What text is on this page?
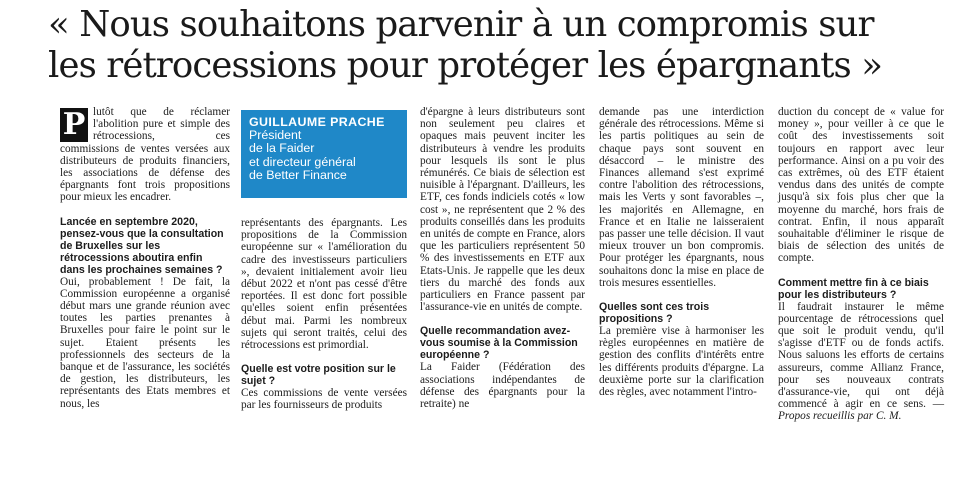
« Nous souhaitons parvenir à un compromis sur
les rétrocessions pour protéger les épargnants »
P lutôt que de réclamer l'abolition pure et simple des rétrocessions, ces commissions de ventes versées aux distributeurs de produits financiers, les associations de défense des épargnants font trois propositions pour mieux les encadrer.

Lancée en septembre 2020, pensez-vous que la consultation de Bruxelles sur les rétrocessions aboutira enfin dans les prochaines semaines ?

Oui, probablement ! De fait, la Commission européenne a organisé début mars une grande réunion avec toutes les parties prenantes à Bruxelles pour faire le point sur le sujet. Etaient présents les professionnels des secteurs de la banque et de l'assurance, les sociétés de gestion, les distributeurs, les représentants des Etats membres et nous, les

GUILLAUME PRACHE
Président
de la Faider
et directeur général
de Better Finance

représentants des épargnants. Les propositions de la Commission européenne sur « l'amélioration du cadre des investisseurs particuliers », devaient initialement avoir lieu début 2022 et n'ont pas cessé d'être reportées. Il est donc fort possible qu'elles soient enfin présentées début mai. Parmi les nombreux sujets qui seront traités, celui des rétrocessions est primordial.

Quelle est votre position sur le sujet ?

Ces commissions de vente versées par les fournisseurs de produits

d'épargne à leurs distributeurs sont non seulement peu claires et opaques mais peuvent inciter les distributeurs à vendre les produits pour lesquels ils sont le plus rémunérés. Ce biais de sélection est nuisible à l'épargnant. D'ailleurs, les ETF, ces fonds indiciels cotés « low cost », ne représentent que 2 % des produits conseillés dans les produits en unités de compte en France, alors que les particuliers représentent 50 % des investissements en ETF aux Etats-Unis. Je rappelle que les deux tiers du marché des fonds aux particuliers en France passent par l'assurance-vie en unités de compte.

Quelle recommandation avez-vous soumise à la Commission européenne ?

La Faider (Fédération des associations indépendantes de défense des épargnants pour la retraite) ne

demande pas une interdiction générale des rétrocessions. Même si les partis politiques au sein de chaque pays sont souvent en désaccord – le ministre des Finances allemand s'est exprimé contre l'abolition des rétrocessions, mais les Verts y sont favorables –, les majorités en Allemagne, en France et en Italie ne laisseraient pas passer une telle décision. Il vaut mieux trouver un bon compromis. Pour protéger les épargnants, nous souhaitons donc la mise en place de trois mesures essentielles.

Quelles sont ces trois propositions ?

La première vise à harmoniser les règles européennes en matière de gestion des conflits d'intérêts entre les différents produits d'épargne. La deuxième porte sur la clarification des règles, avec notamment l'intro-

duction du concept de « value for money », pour veiller à ce que le coût des investissements soit toujours en rapport avec leur performance. Ainsi on a pu voir des cas extrêmes, où des ETF étaient vendus dans des unités de compte jusqu'à six fois plus cher que la moyenne du marché, hors frais de contrat. Enfin, il nous apparaît souhaitable d'éliminer le risque de biais de sélection des unités de compte.

Comment mettre fin à ce biais pour les distributeurs ?

Il faudrait instaurer le même pourcentage de rétrocessions quel que soit le produit vendu, qu'il s'agisse d'ETF ou de fonds actifs. Nous saluons les efforts de certains assureurs, comme Allianz France, pour ses nouveaux contrats d'assurance-vie, qui ont déjà commencé à agir en ce sens. — Propos recueillis par C. M.
